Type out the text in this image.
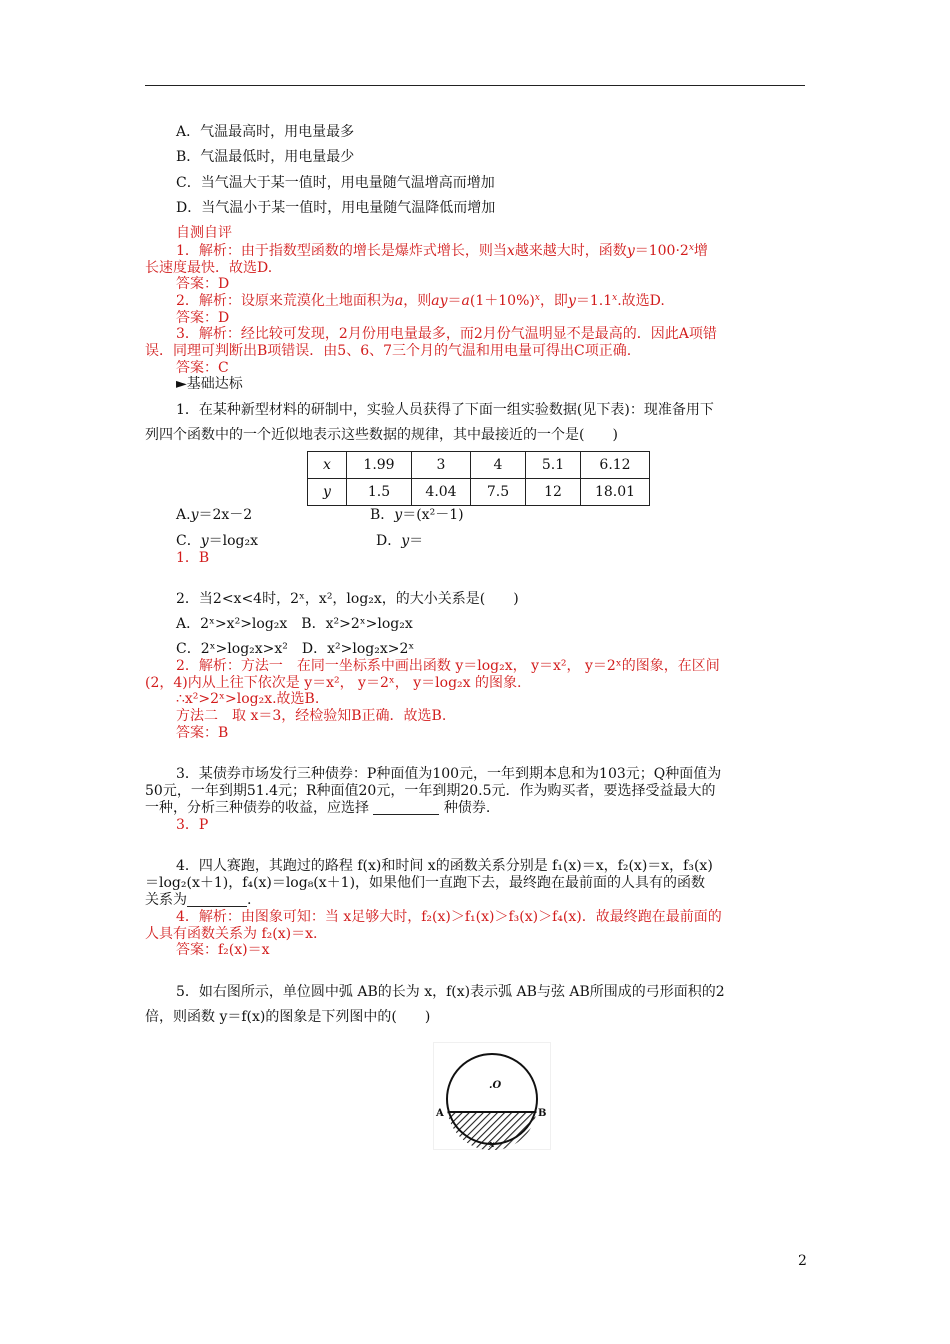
A．气温最高时，用电量最多
B．气温最低时，用电量最少
C．当气温大于某一值时，用电量随气温增高而增加
D．当气温小于某一值时，用电量随气温降低而增加
自测自评
1．解析：由于指数型函数的增长是爆炸式增长，则当x越来越大时，函数$y=100\cdot 2^x$增
长速度最快．故选D.
答案：D
2．解析：设原来荒漠化土地面积为a，则$ay=a(1+10\%)^x$，即$y=1.1^x$.故选D.
答案：D
3．解析：经比较可发现，2月份用电量最多，而2月份气温明显不是最高的．因此A项错
误．同理可判断出B项错误．由5、6、7三个月的气温和用电量可得出C项正确.
答案：C
►基础达标
1．在某种新型材料的研制中，实验人员获得了下面一组实验数据(见下表)：现准备用下
列四个函数中的一个近似地表示这些数据的规律，其中最接近的一个是(　　)
x	1.99	3	4	5.1	6.12
y	1.5	4.04	7.5	12	18.01
A.y＝2x－2	B．y＝(x²－1)
C．y＝log₂x	D．y＝
1．B
2．当2<x<4时，2ˣ，x²，log₂x，的大小关系是(　　)
A．2ˣ>x²>log₂x　B．x²>2ˣ>log₂x
C．2ˣ>log₂x>x²　D．x²>log₂x>2ˣ
2．解析：方法一　在同一坐标系中画出函数 y＝log₂x， y＝x²， y＝2ˣ的图象，在区间
(2，4)内从上往下依次是 y＝x²， y＝2ˣ， y＝log₂x 的图象.
∴x²>2ˣ>log₂x.故选B.
方法二　取 x＝3，经检验知B正确．故选B.
答案：B
3．某债券市场发行三种债券：P种面值为100元，一年到期本息和为103元；Q种面值为
50元，一年到期51.4元；R种面值20元，一年到期20.5元．作为购买者，要选择受益最大的
一种，分析三种债券的收益，应选择	种债券.
3．P
4．四人赛跑，其跑过的路程 f(x)和时间 x的函数关系分别是 f₁(x)＝x，f₂(x)＝x，f₃(x)
＝log₂(x＋1)，f₄(x)＝log₈(x＋1)，如果他们一直跑下去，最终跑在最前面的人具有的函数
关系为	.
4．解析：由图象可知：当 x足够大时，f₂(x)＞f₁(x)＞f₃(x)＞f₄(x)．故最终跑在最前面的
人具有函数关系为 f₂(x)＝x.
答案：f₂(x)＝x
5．如右图所示，单位圆中弧 AB的长为 x，f(x)表示弧 AB与弦 AB所围成的弓形面积的2
倍，则函数 y＝f(x)的图象是下列图中的(　　)
.O
A	B
x
2
